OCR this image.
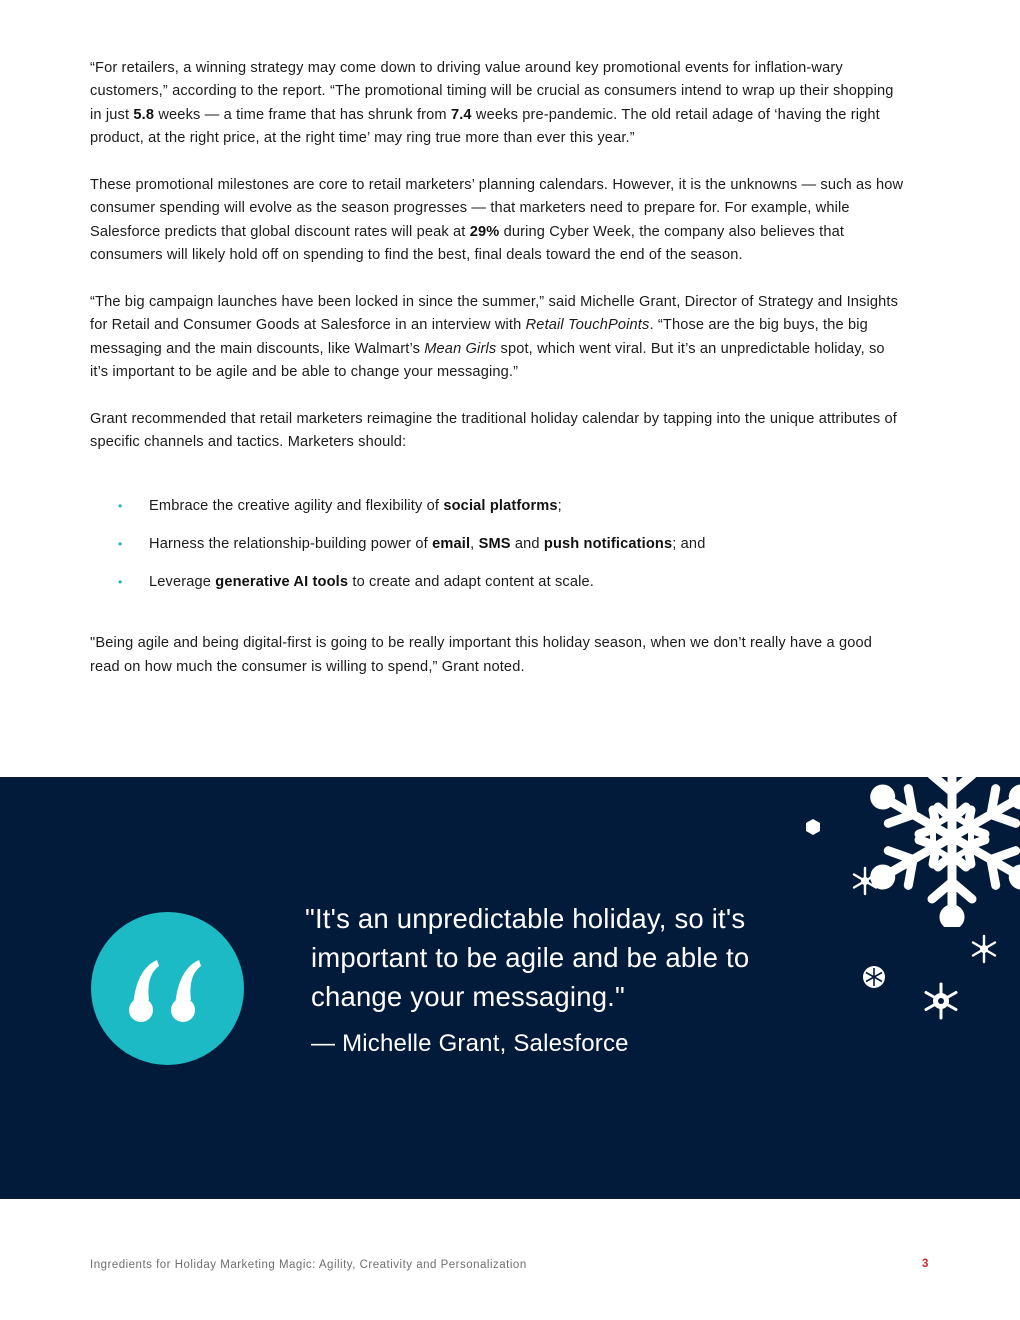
“For retailers, a winning strategy may come down to driving value around key promotional events for inflation-wary customers,” according to the report. “The promotional timing will be crucial as consumers intend to wrap up their shopping in just 5.8 weeks — a time frame that has shrunk from 7.4 weeks pre-pandemic. The old retail adage of ‘having the right product, at the right price, at the right time’ may ring true more than ever this year.”

These promotional milestones are core to retail marketers’ planning calendars. However, it is the unknowns — such as how consumer spending will evolve as the season progresses — that marketers need to prepare for. For example, while Salesforce predicts that global discount rates will peak at 29% during Cyber Week, the company also believes that consumers will likely hold off on spending to find the best, final deals toward the end of the season.

“The big campaign launches have been locked in since the summer,” said Michelle Grant, Director of Strategy and Insights for Retail and Consumer Goods at Salesforce in an interview with Retail TouchPoints. “Those are the big buys, the big messaging and the main discounts, like Walmart’s Mean Girls spot, which went viral. But it’s an unpredictable holiday, so it’s important to be agile and be able to change your messaging.”

Grant recommended that retail marketers reimagine the traditional holiday calendar by tapping into the unique attributes of specific channels and tactics. Marketers should:

• Embrace the creative agility and flexibility of social platforms;
• Harness the relationship-building power of email, SMS and push notifications; and
• Leverage generative AI tools to create and adapt content at scale.

"Being agile and being digital-first is going to be really important this holiday season, when we don’t really have a good read on how much the consumer is willing to spend,” Grant noted.

"It's an unpredictable holiday, so it's
important to be agile and be able to
change your messaging."
— Michelle Grant, Salesforce
Ingredients for Holiday Marketing Magic: Agility, Creativity and Personalization	3
